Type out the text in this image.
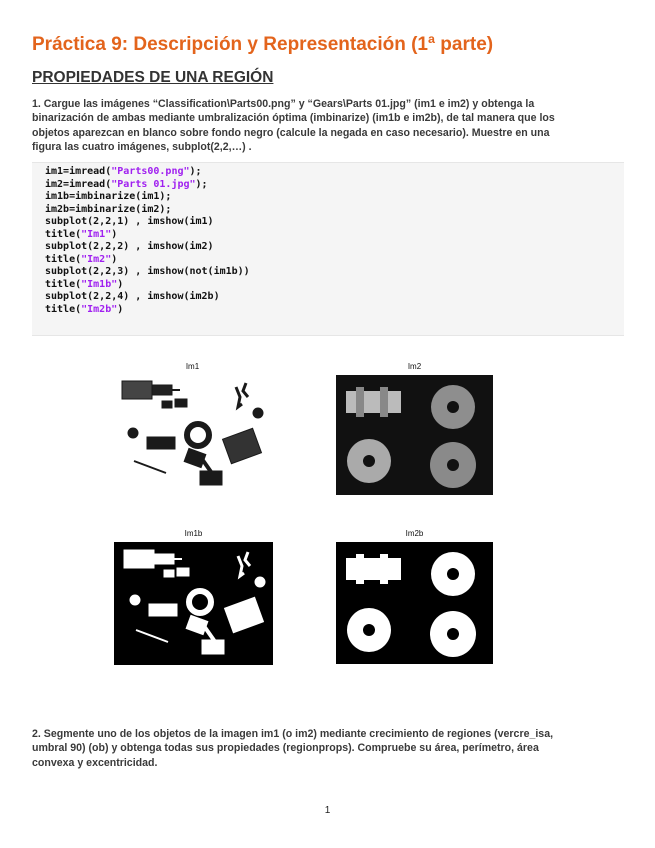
Práctica 9: Descripción y Representación (1ª parte)
PROPIEDADES DE UNA REGIÓN
1. Cargue las imágenes “Classification\Parts00.png” y “Gears\Parts 01.jpg” (im1 e im2) y obtenga la
binarización de ambas mediante umbralización óptima (imbinarize) (im1b e im2b), de tal manera que los
objetos aparezcan en blanco sobre fondo negro (calcule la negada en caso necesario). Muestre en una
figura las cuatro imágenes, subplot(2,2,…) .
im1=imread("Parts00.png");
im2=imread("Parts 01.jpg");
im1b=imbinarize(im1);
im2b=imbinarize(im2);
subplot(2,2,1) , imshow(im1)
title("Im1")
subplot(2,2,2) , imshow(im2)
title("Im2")
subplot(2,2,3) , imshow(not(im1b))
title("Im1b")
subplot(2,2,4) , imshow(im2b)
title("Im2b")
Im1	Im2
Im1b	Im2b
2. Segmente uno de los objetos de la imagen im1 (o im2) mediante crecimiento de regiones (vercre_isa,
umbral 90) (ob) y obtenga todas sus propiedades (regionprops). Compruebe su área, perímetro, área
convexa y excentricidad.
1
